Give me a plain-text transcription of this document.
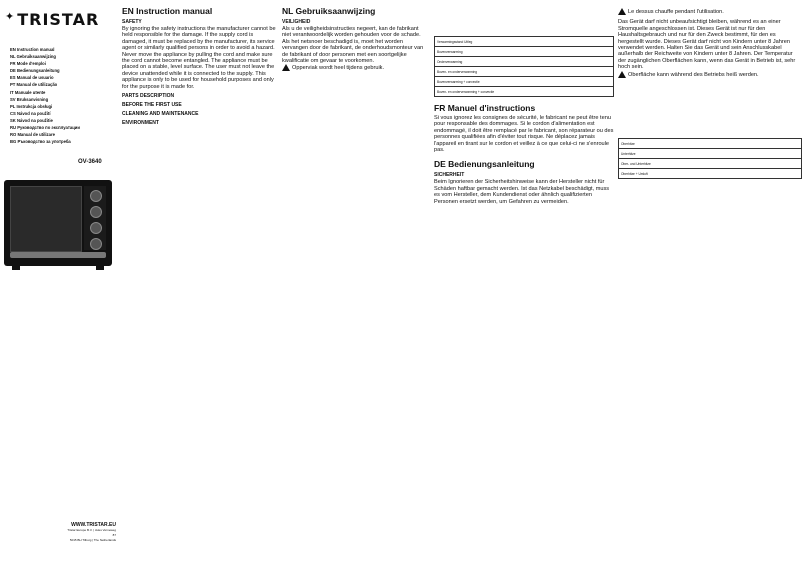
✦ TRISTAR
EN Instruction manual
NL Gebruiksaanwijzing
FR Mode d'emploi
DE Bedienungsanleitung
ES Manual de usuario
PT Manual de utilização
IT Manuale utente
SV Bruksanvisning
PL Instrukcja obsługi
CS Návod na použití
SK Návod na použitie
RU Руководство по эксплуатации
RO Manual de utilizare
BG Ръководство за употреба
OV-3640
WWW.TRISTAR.EU
Tristar Europe B.V. | Jules Verneweg 87
5015 BH Tilburg | The Netherlands
EN Instruction manual
SAFETY

By ignoring the safety instructions the manufacturer cannot be held responsible for the damage. If the supply cord is damaged, it must be replaced by the manufacturer, its service agent or similarly qualified persons in order to avoid a hazard. Never move the appliance by pulling the cord and make sure the cord cannot become entangled. The appliance must be placed on a stable, level surface. The user must not leave the device unattended while it is connected to the supply. This appliance is only to be used for household purposes and only for the purpose it is made for.

PARTS DESCRIPTION
BEFORE THE FIRST USE
CLEANING AND MAINTENANCE
ENVIRONMENT
NL Gebruiksaanwijzing
VEILIGHEID

Als u de veiligheidsinstructies negeert, kan de fabrikant niet verantwoordelijk worden gehouden voor de schade. Als het netsnoer beschadigd is, moet het worden vervangen door de fabrikant, de onderhoudsmonteur van de fabrikant of door personen met een soortgelijke kwalificatie om gevaar te voorkomen.

Opperviak wordt heel tijdens gebruik.

Verwarmingsstand Uitleg
Bovenverwarming
Onderverwarming
Boven- en onderverwarming
Bovenverwarming + convectie
Boven- en onderverwarming + convectie
FR Manuel d'instructions

Si vous ignorez les consignes de sécurité, le fabricant ne peut être tenu pour responsable des dommages. Si le cordon d'alimentation est endommagé, il doit être remplacé par le fabricant, son réparateur ou des personnes qualifiées afin d'éviter tout risque. Ne déplacez jamais l'appareil en tirant sur le cordon et veillez à ce que celui-ci ne s'enroule pas.

DE Bedienungsanleitung
SICHERHEIT

Beim Ignorieren der Sicherheitshinweise kann der Hersteller nicht für Schäden haftbar gemacht werden. Ist das Netzkabel beschädigt, muss es vom Hersteller, dem Kundendienst oder ähnlich qualifizierten Personen ersetzt werden, um Gefahren zu vermeiden.

Le dessus chauffe pendant l'utilisation.

Das Gerät darf nicht unbeaufsichtigt bleiben, während es an einer Stromquelle angeschlossen ist. Dieses Gerät ist nur für den Haushaltsgebrauch und nur für den Zweck bestimmt, für den es hergestellt wurde. Dieses Gerät darf nicht von Kindern unter 8 Jahren verwendet werden. Halten Sie das Gerät und sein Anschlusskabel außerhalb der Reichweite von Kindern unter 8 Jahren. Der Temperatur der zugänglichen Oberflächen kann, wenn das Gerät in Betrieb ist, sehr hoch sein.

Oberfläche kann während des Betriebs heiß werden.

Oberhitze
Unterhitze
Ober- und Unterhitze
Oberhitze + Umluft
